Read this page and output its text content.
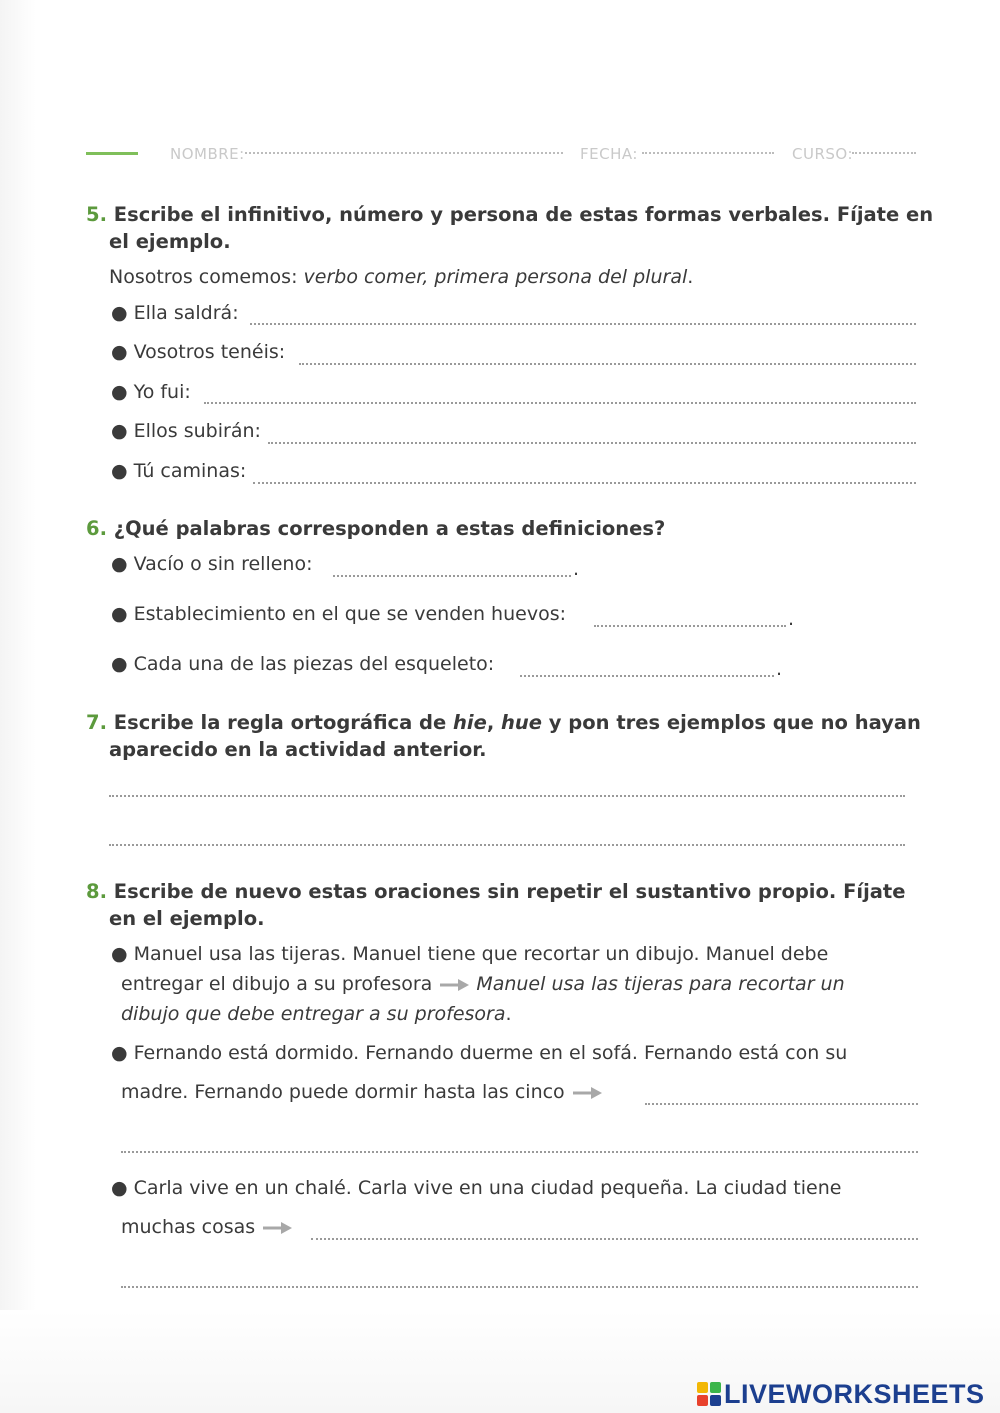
NOMBRE:	FECHA:	CURSO:
5. Escribe el infinitivo, número y persona de estas formas verbales. Fíjate en
el ejemplo.
Nosotros comemos: verbo comer, primera persona del plural.
● Ella saldrá:
● Vosotros tenéis:
● Yo fui:
● Ellos subirán:
● Tú caminas:
6. ¿Qué palabras corresponden a estas definiciones?
● Vacío o sin relleno:	.
● Establecimiento en el que se venden huevos:	.
● Cada una de las piezas del esqueleto:	.
7. Escribe la regla ortográfica de hie, hue y pon tres ejemplos que no hayan
aparecido en la actividad anterior.
8. Escribe de nuevo estas oraciones sin repetir el sustantivo propio. Fíjate
en el ejemplo.
● Manuel usa las tijeras. Manuel tiene que recortar un dibujo. Manuel debe
entregar el dibujo a su profesora Manuel usa las tijeras para recortar un
dibujo que debe entregar a su profesora.
● Fernando está dormido. Fernando duerme en el sofá. Fernando está con su
madre. Fernando puede dormir hasta las cinco
● Carla vive en un chalé. Carla vive en una ciudad pequeña. La ciudad tiene
muchas cosas
LIVEWORKSHEETS
